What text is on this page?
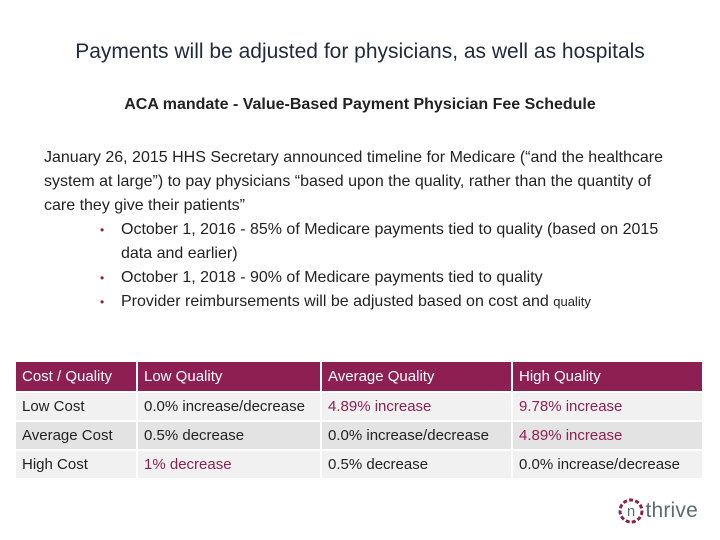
Payments will be adjusted for physicians, as well as hospitals
ACA mandate - Value-Based Payment Physician Fee Schedule

January 26, 2015 HHS Secretary announced timeline for Medicare (“and the healthcare system at large”) to pay physicians “based upon the quality, rather than the quantity of care they give their patients”

• October 1, 2016 - 85% of Medicare payments tied to quality (based on 2015 data and earlier)
• October 1, 2018 - 90% of Medicare payments tied to quality
• Provider reimbursements will be adjusted based on cost and quality
Cost / Quality	Low Quality	Average Quality	High Quality
Low Cost	0.0% increase/decrease	4.89% increase	9.78% increase
Average Cost	0.5% decrease	0.0% increase/decrease	4.89% increase
High Cost	1% decrease	0.5% decrease	0.0% increase/decrease
n thrive
